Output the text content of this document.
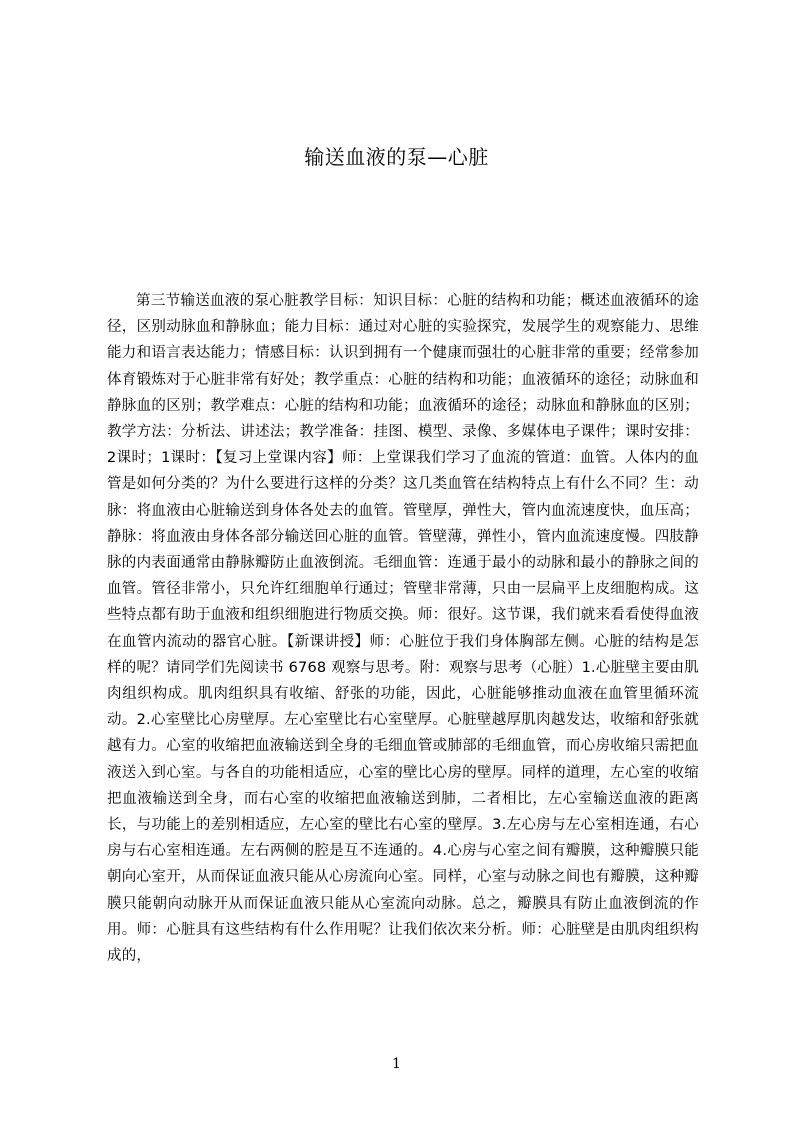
输送血液的泵—心脏

第三节输送血液的泵心脏教学目标：知识目标：心脏的结构和功能；概述血液循环的途径，区别动脉血和静脉血；能力目标：通过对心脏的实验探究，发展学生的观察能力、思维能力和语言表达能力；情感目标：认识到拥有一个健康而强壮的心脏非常的重要；经常参加体育锻炼对于心脏非常有好处；教学重点：心脏的结构和功能；血液循环的途径；动脉血和静脉血的区别；教学难点：心脏的结构和功能；血液循环的途径；动脉血和静脉血的区别；教学方法：分析法、讲述法；教学准备：挂图、模型、录像、多媒体电子课件；课时安排：2课时；1课时：【复习上堂课内容】师：上堂课我们学习了血流的管道：血管。人体内的血管是如何分类的？为什么要进行这样的分类？这几类血管在结构特点上有什么不同？生：动脉：将血液由心脏输送到身体各处去的血管。管壁厚，弹性大，管内血流速度快，血压高；静脉：将血液由身体各部分输送回心脏的血管。管壁薄，弹性小，管内血流速度慢。四肢静脉的内表面通常由静脉瓣防止血液倒流。毛细血管：连通于最小的动脉和最小的静脉之间的血管。管径非常小，只允许红细胞单行通过；管壁非常薄，只由一层扁平上皮细胞构成。这些特点都有助于血液和组织细胞进行物质交换。师：很好。这节课，我们就来看看使得血液在血管内流动的器官心脏。【新课讲授】师：心脏位于我们身体胸部左侧。心脏的结构是怎样的呢？请同学们先阅读书 6768 观察与思考。附：观察与思考（心脏）1.心脏壁主要由肌肉组织构成。肌肉组织具有收缩、舒张的功能，因此，心脏能够推动血液在血管里循环流动。2.心室壁比心房壁厚。左心室壁比右心室壁厚。心脏壁越厚肌肉越发达，收缩和舒张就越有力。心室的收缩把血液输送到全身的毛细血管或肺部的毛细血管，而心房收缩只需把血液送入到心室。与各自的功能相适应，心室的壁比心房的壁厚。同样的道理，左心室的收缩把血液输送到全身，而右心室的收缩把血液输送到肺，二者相比，左心室输送血液的距离长，与功能上的差别相适应，左心室的壁比右心室的壁厚。3.左心房与左心室相连通，右心房与右心室相连通。左右两侧的腔是互不连通的。4.心房与心室之间有瓣膜，这种瓣膜只能朝向心室开，从而保证血液只能从心房流向心室。同样，心室与动脉之间也有瓣膜，这种瓣膜只能朝向动脉开从而保证血液只能从心室流向动脉。总之，瓣膜具有防止血液倒流的作用。师：心脏具有这些结构有什么作用呢？让我们依次来分析。师：心脏壁是由肌肉组织构成的，

1
